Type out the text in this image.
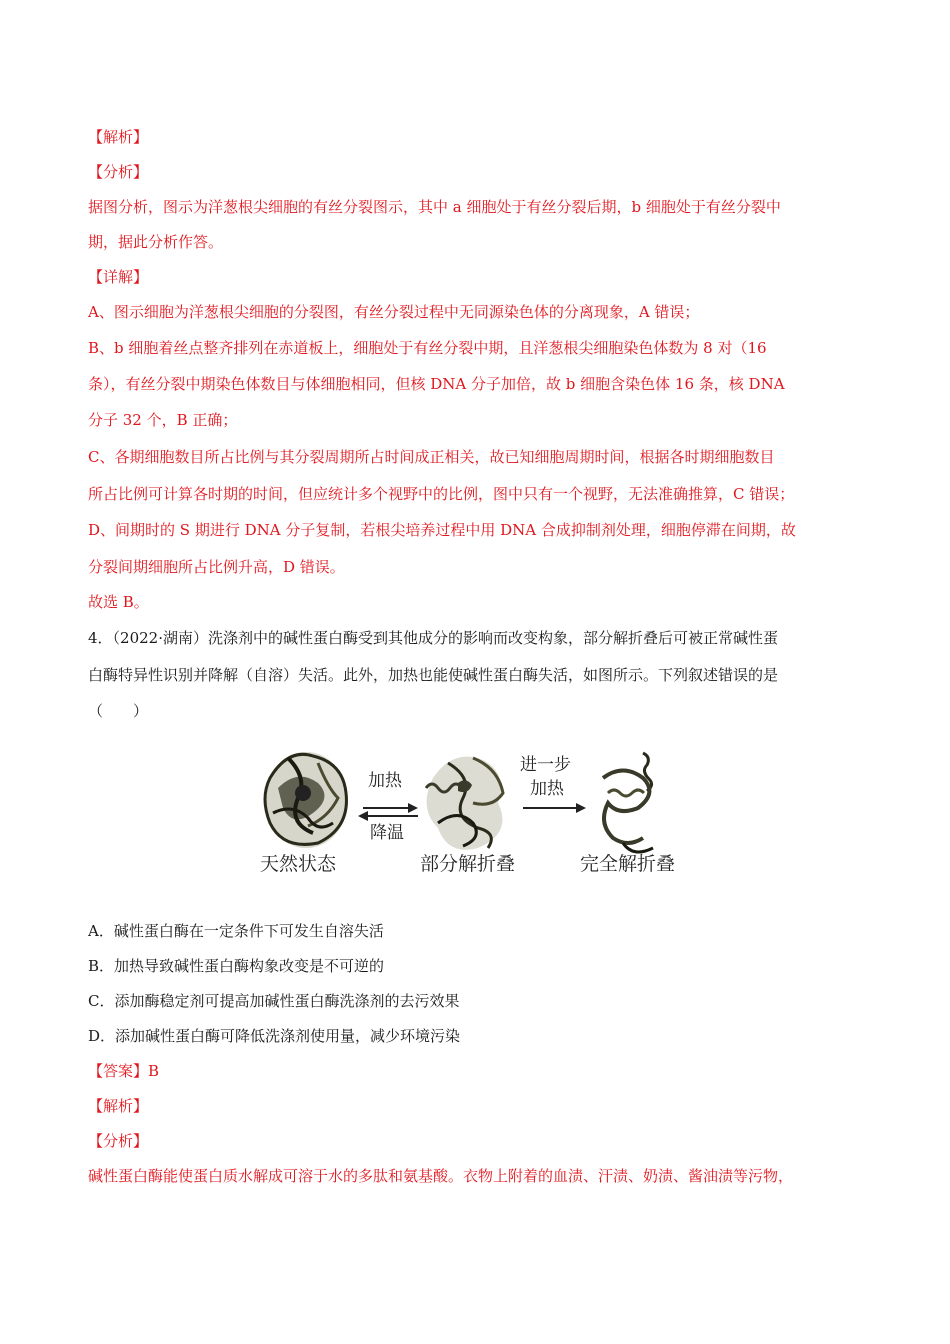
【解析】
【分析】
据图分析，图示为洋葱根尖细胞的有丝分裂图示，其中 a 细胞处于有丝分裂后期，b 细胞处于有丝分裂中
期，据此分析作答。
【详解】
A、图示细胞为洋葱根尖细胞的分裂图，有丝分裂过程中无同源染色体的分离现象，A 错误；
B、b 细胞着丝点整齐排列在赤道板上，细胞处于有丝分裂中期，且洋葱根尖细胞染色体数为 8 对（16
条），有丝分裂中期染色体数目与体细胞相同，但核 DNA 分子加倍，故 b 细胞含染色体 16 条，核 DNA
分子 32 个，B 正确；
C、各期细胞数目所占比例与其分裂周期所占时间成正相关，故已知细胞周期时间，根据各时期细胞数目
所占比例可计算各时期的时间，但应统计多个视野中的比例，图中只有一个视野，无法准确推算，C 错误；
D、间期时的 S 期进行 DNA 分子复制，若根尖培养过程中用 DNA 合成抑制剂处理，细胞停滞在间期，故
分裂间期细胞所占比例升高，D 错误。
故选 B。
4．（2022·湖南）洗涤剂中的碱性蛋白酶受到其他成分的影响而改变构象，部分解折叠后可被正常碱性蛋
白酶特异性识别并降解（自溶）失活。此外，加热也能使碱性蛋白酶失活，如图所示。下列叙述错误的是
（　　）
加热
降温
进一步
加热
天然状态	部分解折叠	完全解折叠
A．碱性蛋白酶在一定条件下可发生自溶失活
B．加热导致碱性蛋白酶构象改变是不可逆的
C．添加酶稳定剂可提高加碱性蛋白酶洗涤剂的去污效果
D．添加碱性蛋白酶可降低洗涤剂使用量，减少环境污染
【答案】B
【解析】
【分析】
碱性蛋白酶能使蛋白质水解成可溶于水的多肽和氨基酸。衣物上附着的血渍、汗渍、奶渍、酱油渍等污物，
